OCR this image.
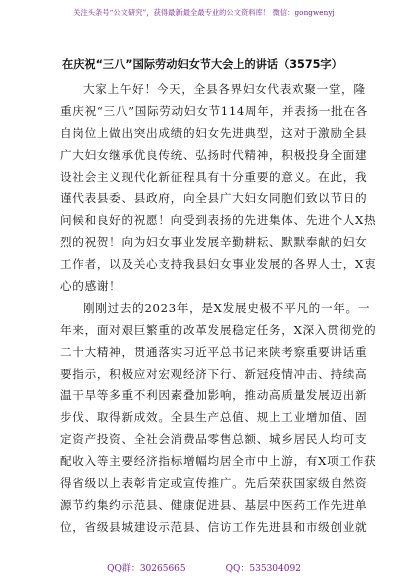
关注头条号“公文研究”，获得最新最全最专业的公文资料库！ 微信：gongwenyj
在庆祝“三八”国际劳动妇女节大会上的讲话（3575字）
大家上午好！今天，全县各界妇女代表欢聚一堂，隆
重庆祝“三八”国际劳动妇女节114周年，并表扬一批在各
自岗位上做出突出成绩的妇女先进典型，这对于激励全县
广大妇女继承优良传统、弘扬时代精神，积极投身全面建
设社会主义现代化新征程具有十分重要的意义。在此，我
谨代表县委、县政府，向全县广大妇女同胞们致以节日的
问候和良好的祝愿！向受到表扬的先进集体、先进个人X热
烈的祝贺！向为妇女事业发展辛勤耕耘、默默奉献的妇女
工作者，以及关心支持我县妇女事业发展的各界人士，X衷
心的感谢！
刚刚过去的2023年，是X发展史极不平凡的一年。一
年来，面对艰巨繁重的改革发展稳定任务，X深入贯彻党的
二十大精神，贯通落实习近平总书记来陕考察重要讲话重
要指示，积极应对宏观经济下行、新冠疫情冲击、持续高
温干旱等多重不利因素叠加影响，推动高质量发展迈出新
步伐、取得新成效。全县生产总值、规上工业增加值、固
定资产投资、全社会消费品零售总额、城乡居民人均可支
配收入等主要经济指标增幅均居全市中上游，有X项工作获
得省级以上表彰肯定或宣传推广。先后荣获国家级自然资
源节约集约示范县、健康促进县、基层中医药工作先进单
位，省级县城建设示范县、信访工作先进县和市级创业就
QQ群：30265665	QQ：535304092
